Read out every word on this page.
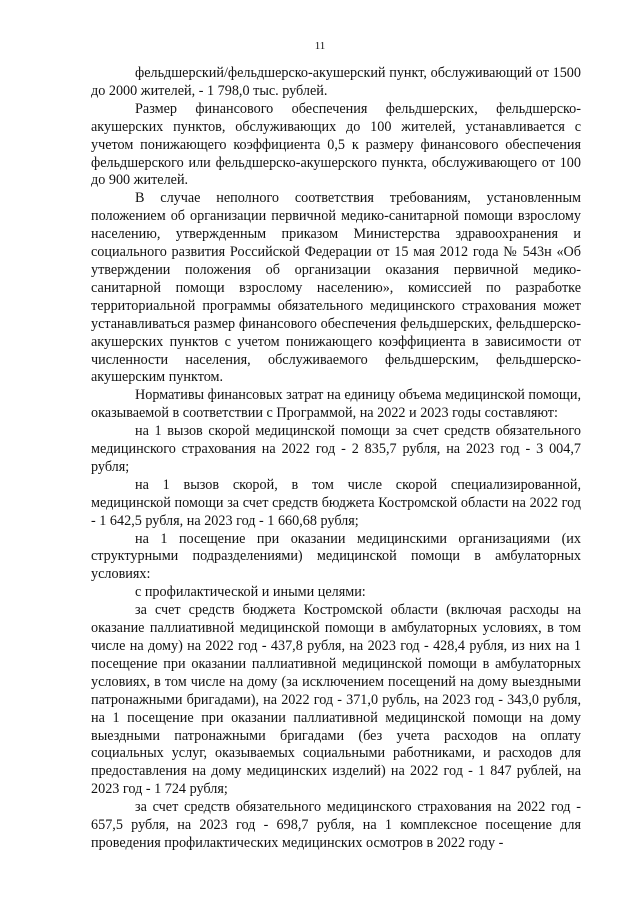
11

фельдшерский/фельдшерско-акушерский пункт, обслуживающий от 1500 до 2000 жителей, - 1 798,0 тыс. рублей.

Размер финансового обеспечения фельдшерских, фельдшерско-акушерских пунктов, обслуживающих до 100 жителей, устанавливается с учетом понижающего коэффициента 0,5 к размеру финансового обеспечения фельдшерского или фельдшерско-акушерского пункта, обслуживающего от 100 до 900 жителей.

В случае неполного соответствия требованиям, установленным положением об организации первичной медико-санитарной помощи взрослому населению, утвержденным приказом Министерства здравоохранения и социального развития Российской Федерации от 15 мая 2012 года № 543н «Об утверждении положения об организации оказания первичной медико-санитарной помощи взрослому населению», комиссией по разработке территориальной программы обязательного медицинского страхования может устанавливаться размер финансового обеспечения фельдшерских, фельдшерско-акушерских пунктов с учетом понижающего коэффициента в зависимости от численности населения, обслуживаемого фельдшерским, фельдшерско-акушерским пунктом.

Нормативы финансовых затрат на единицу объема медицинской помощи, оказываемой в соответствии с Программой, на 2022 и 2023 годы составляют:

на 1 вызов скорой медицинской помощи за счет средств обязательного медицинского страхования на 2022 год - 2 835,7 рубля, на 2023 год - 3 004,7 рубля;

на 1 вызов скорой, в том числе скорой специализированной, медицинской помощи за счет средств бюджета Костромской области на 2022 год - 1 642,5 рубля, на 2023 год - 1 660,68 рубля;

на 1 посещение при оказании медицинскими организациями (их структурными подразделениями) медицинской помощи в амбулаторных условиях:

с профилактической и иными целями:

за счет средств бюджета Костромской области (включая расходы на оказание паллиативной медицинской помощи в амбулаторных условиях, в том числе на дому) на 2022 год - 437,8 рубля, на 2023 год - 428,4 рубля, из них на 1 посещение при оказании паллиативной медицинской помощи в амбулаторных условиях, в том числе на дому (за исключением посещений на дому выездными патронажными бригадами), на 2022 год - 371,0 рубль, на 2023 год - 343,0 рубля, на 1 посещение при оказании паллиативной медицинской помощи на дому выездными патронажными бригадами (без учета расходов на оплату социальных услуг, оказываемых социальными работниками, и расходов для предоставления на дому медицинских изделий) на 2022 год - 1 847 рублей, на 2023 год - 1 724 рубля;

за счет средств обязательного медицинского страхования на 2022 год - 657,5 рубля, на 2023 год - 698,7 рубля, на 1 комплексное посещение для проведения профилактических медицинских осмотров в 2022 году -
